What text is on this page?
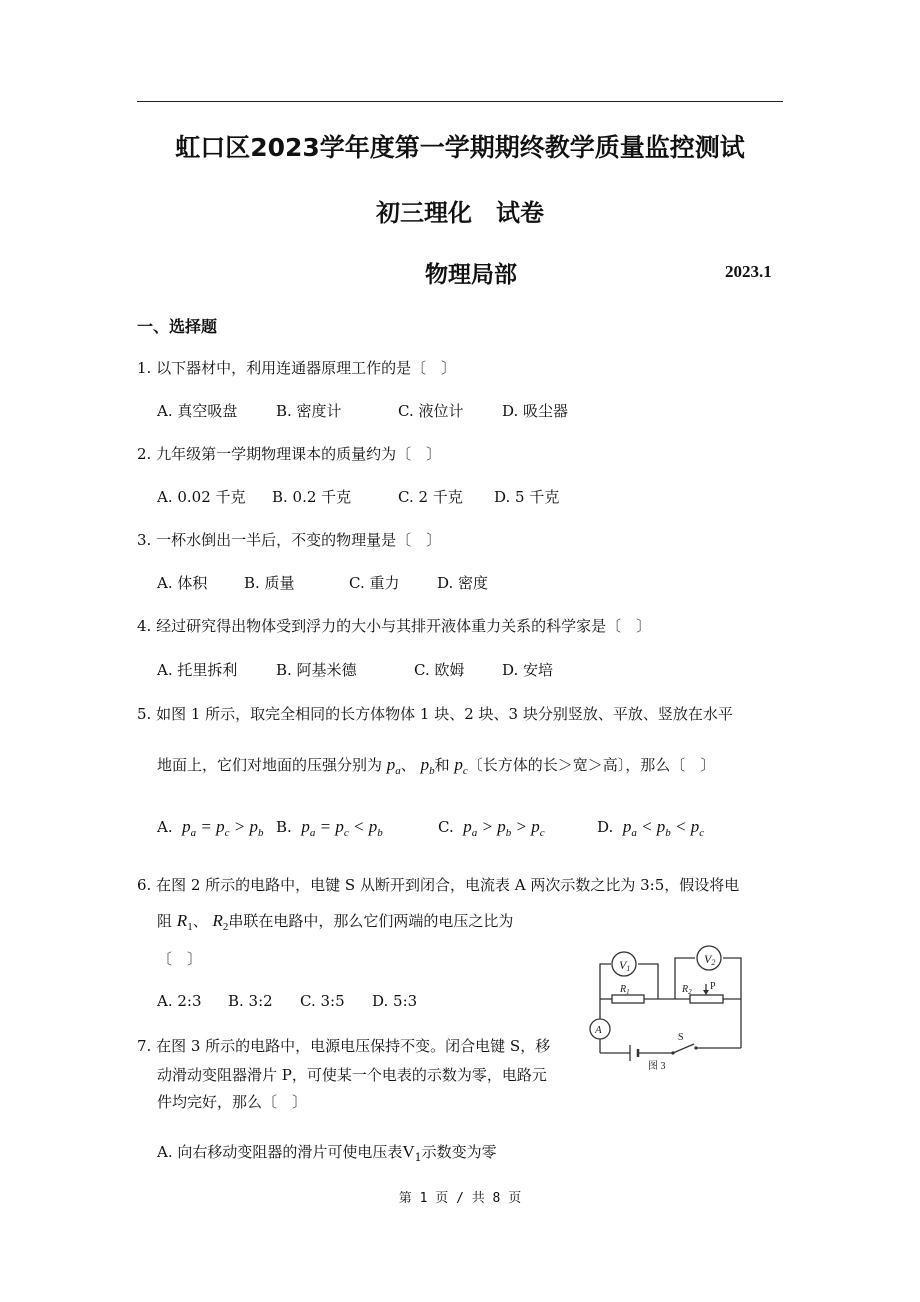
虹口区2023学年度第一学期期终教学质量监控测试
初三理化　试卷
物理局部	2023.1
一、选择题
1. 以下器材中，利用连通器原理工作的是〔　〕
A. 真空吸盘	B. 密度计	C. 液位计	D. 吸尘器
2. 九年级第一学期物理课本的质量约为〔　〕
A. 0.02 千克 B. 0.2 千克	C. 2 千克 D. 5 千克
3. 一杯水倒出一半后，不变的物理量是〔　〕
A. 体积 B. 质量	C. 重力	D. 密度
4. 经过研究得出物体受到浮力的大小与其排开液体重力关系的科学家是〔　〕
A. 托里拆利	B. 阿基米德	C. 欧姆	D. 安培
5. 如图 1 所示，取完全相同的长方体物体 1 块、2 块、3 块分别竖放、平放、竖放在水平
地面上，它们对地面的压强分别为 $p_a$、 $p_b$和 $p_c$〔长方体的长＞宽＞高〕，那么〔　〕
A. $p_a = p_c > p_b$ B. $p_a = p_c < p_b$	C. $p_a > p_b > p_c$	D. $p_a < p_b < p_c$
6. 在图 2 所示的电路中，电键 S 从断开到闭合，电流表 A 两次示数之比为 3:5，假设将电
阻 $R_1$、 $R_2$串联在电路中，那么它们两端的电压之比为
〔　〕
A. 2:3 B. 3:2 C. 3:5 D. 5:3
7. 在图 3 所示的电路中，电源电压保持不变。闭合电键 S，移
动滑动变阻器滑片 P，可使某一个电表的示数为零，电路元
件均完好，那么〔　〕
A. 向右移动变阻器的滑片可使电压表$V_1$示数变为零
V1
V2
$R_1$	$R_2$ P
A
S
图 3
第 1 页 / 共 8 页
